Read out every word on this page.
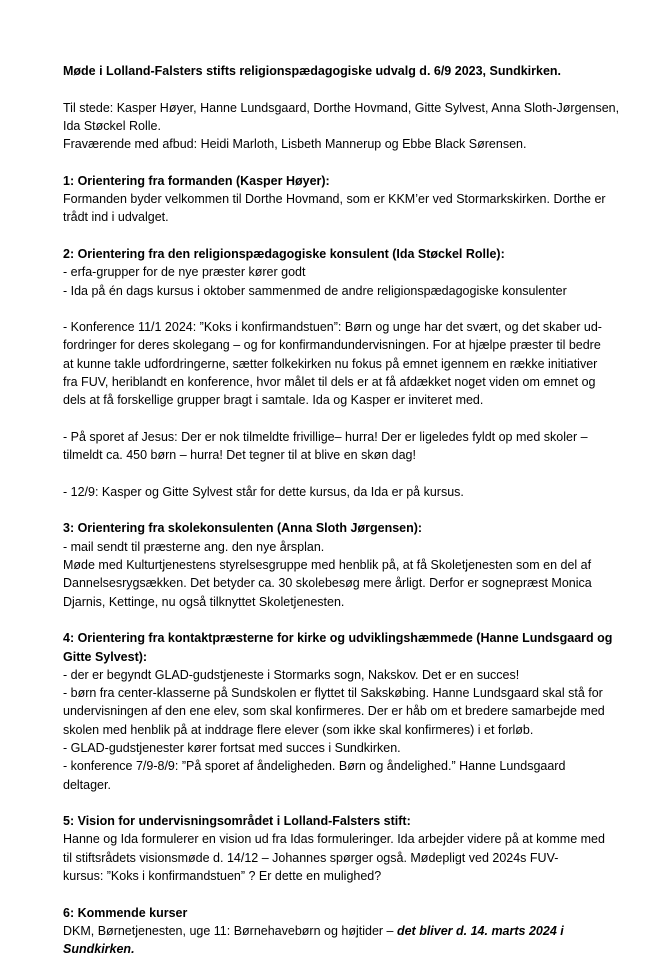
Møde i Lolland-Falsters stifts religionspædagogiske udvalg d. 6/9 2023, Sundkirken.
Til stede: Kasper Høyer, Hanne Lundsgaard, Dorthe Hovmand, Gitte Sylvest, Anna Sloth-Jørgensen,
Ida Støckel Rolle.
Fraværende med afbud: Heidi Marloth, Lisbeth Mannerup og Ebbe Black Sørensen.
1: Orientering fra formanden (Kasper Høyer):
Formanden byder velkommen til Dorthe Hovmand, som er KKM’er ved Stormarkskirken. Dorthe er
trådt ind i udvalget.
2: Orientering fra den religionspædagogiske konsulent (Ida Støckel Rolle):
- erfa-grupper for de nye præster kører godt
- Ida på én dags kursus i oktober sammenmed de andre religionspædagogiske konsulenter
- Konference 11/1 2024: ”Koks i konfirmandstuen”: Børn og unge har det svært, og det skaber ud-
fordringer for deres skolegang – og for konfirmandundervisningen. For at hjælpe præster til bedre
at kunne takle udfordringerne, sætter folkekirken nu fokus på emnet igennem en række initiativer
fra FUV, heriblandt en konference, hvor målet til dels er at få afdækket noget viden om emnet og
dels at få forskellige grupper bragt i samtale. Ida og Kasper er inviteret med.
- På sporet af Jesus: Der er nok tilmeldte frivillige– hurra! Der er ligeledes fyldt op med skoler –
tilmeldt ca. 450 børn – hurra! Det tegner til at blive en skøn dag!
- 12/9: Kasper og Gitte Sylvest står for dette kursus, da Ida er på kursus.
3: Orientering fra skolekonsulenten (Anna Sloth Jørgensen):
- mail sendt til præsterne ang. den nye årsplan.
Møde med Kulturtjenestens styrelsesgruppe med henblik på, at få Skoletjenesten som en del af
Dannelsesrygsækken. Det betyder ca. 30 skolebesøg mere årligt. Derfor er sognepræst Monica
Djarnis, Kettinge, nu også tilknyttet Skoletjenesten.
4: Orientering fra kontaktpræsterne for kirke og udviklingshæmmede (Hanne Lundsgaard og
Gitte Sylvest):
- der er begyndt GLAD-gudstjeneste i Stormarks sogn, Nakskov. Det er en succes!
- børn fra center-klasserne på Sundskolen er flyttet til Sakskøbing. Hanne Lundsgaard skal stå for
undervisningen af den ene elev, som skal konfirmeres. Der er håb om et bredere samarbejde med
skolen med henblik på at inddrage flere elever (som ikke skal konfirmeres) i et forløb.
- GLAD-gudstjenester kører fortsat med succes i Sundkirken.
- konference 7/9-8/9: ”På sporet af åndeligheden. Børn og åndelighed.” Hanne Lundsgaard
deltager.
5: Vision for undervisningsområdet i Lolland-Falsters stift:
Hanne og Ida formulerer en vision ud fra Idas formuleringer. Ida arbejder videre på at komme med
til stiftsrådets visionsmøde d. 14/12 – Johannes spørger også. Mødepligt ved 2024s FUV-
kursus: ”Koks i konfirmandstuen” ? Er dette en mulighed?
6: Kommende kurser
DKM, Børnetjenesten, uge 11: Børnehavebørn og højtider – det bliver d. 14. marts 2024 i
Sundkirken.
